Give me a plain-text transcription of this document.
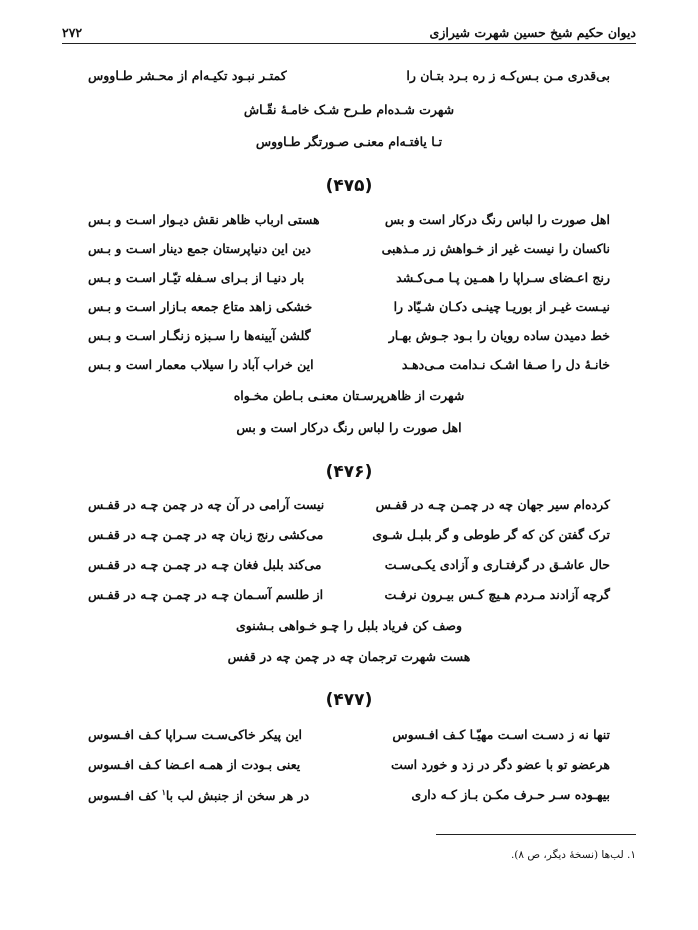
دیوان حکیم شیخ حسین شهرت شیرازی
۲۷۲
بی‌قدری مـن بـس‌کـه ز ره بـرد بتـان را
کمتـر نبـود تکیـه‌ام از محـشر طـاووس
شهرت شـده‌ام طـرح شـک خامـهٔ نقّـاش
تـا یافتـه‌ام معنـی صـورتگر طـاووس
(۴۷۵)
اهل صورت را لباس رنگ درکار است و بس
هستی ارباب ظاهر نقش دیـوار اسـت و بـس
ناکسان را نیست غیر از خـواهش زر مـذهبی
دین این دنیاپرستان جمع دینار اسـت و بـس
رنج اعـضای سـراپا را همـین پـا مـی‌کـشد
بار دنیـا از بـرای سـفله تیّـار اسـت و بـس
نیـست غیـر از بوریـا چینـی دکـان شـیّاد را
خشکی زاهد متاع جمعه بـازار اسـت و بـس
خط دمیدن ساده رویان را بـود جـوش بهـار
گلشن آیینه‌ها را سـبزه زنگـار اسـت و بـس
خانـهٔ دل را صـفا اشـک نـدامت مـی‌دهـد
این خراب آباد را سیلاب معمار است و بـس
شهرت از ظاهرپرسـتان معنـی بـاطن مخـواه
اهل صورت را لباس رنگ درکار است و بس
(۴۷۶)
کرده‌ام سیر جهان چه در چمـن چـه در قفـس
نیست آرامی در آن چه در چمن چـه در قفـس
ترک گفتن کن که گر طوطی و گر بلبـل شـوی
می‌کشی رنج زبان چه در چمـن چـه در قفـس
حال عاشـق در گرفتـاری و آزادی یکـی‌سـت
می‌کند بلبل فغان چـه در چمـن چـه در قفـس
گرچه آزادند مـردم هـیچ کـس بیـرون نرفـت
از طلسم آسـمان چـه در چمـن چـه در قفـس
وصف کن فریاد بلبل را چـو خـواهی بـشنوی
هست شهرت ترجمان چه در چمن چه در قفس
(۴۷۷)
تنها نه ز دسـت اسـت مهیّـا کـف افـسوس
این پیکر خاکی‌سـت سـراپا کـف افـسوس
هرعضو تو با عضو دگر در زد و خورد است
یعنی بـودت از همـه اعـضا کـف افـسوس
بیهـوده سـر حـرف مکـن بـاز کـه داری
در هر سخن از جنبش لب با$^۱$ کف افـسوس
۱. لب‌ها (نسخهٔ دیگر، ص ۸).
